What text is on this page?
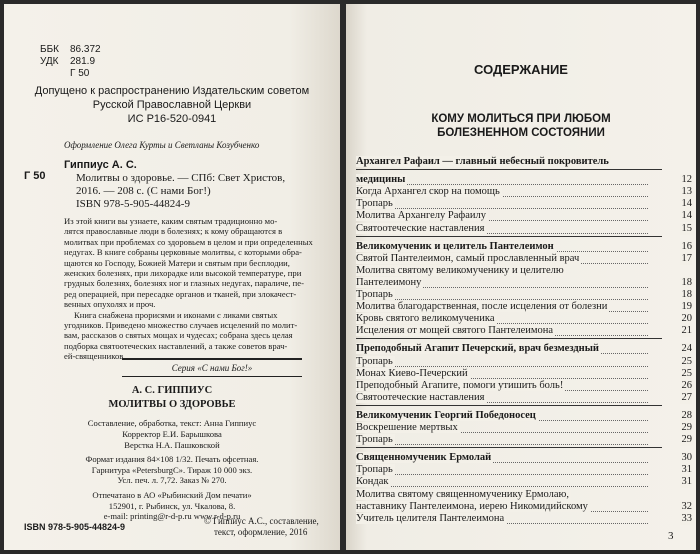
ББК 86.372
УДК 281.9
Г 50
Допущено к распространению Издательским советом
Русской Православной Церкви
ИС Р16-520-0941
Оформление Олега Курты и Светланы Козубченко
Г 50
Гиппиус А. С.
Молитвы о здоровье. — СПб: Свет Христов,
2016. — 208 с. (С нами Бог!)
ISBN 978-5-905-44824-9
Из этой книги вы узнаете, каким святым традиционно мо-
лятся православные люди в болезнях; к кому обращаются в
молитвах при проблемах со здоровьем в целом и при определенных
недугах. В книге собраны церковные молитвы, с которыми обра-
щаются ко Господу, Божией Матери и святым при бесплодии,
женских болезнях, при лихорадке или высокой температуре, при
грудных болезнях, болезнях ног и глазных недугах, параличе, пе-
ред операцией, при пересадке органов и тканей, при злокачест-
венных опухолях и проч.
Книга снабжена прорисями и иконами с ликами святых
угодников. Приведено множество случаев исцелений по молит-
вам, рассказов о святых мощах и чудесах; собрана здесь целая
подборка святоотеческих наставлений, а также советов врач-
ей-священников.
Серия «С нами Бог!»
А. С. ГИППИУС
МОЛИТВЫ О ЗДОРОВЬЕ
Составление, обработка, текст: Анна Гиппиус
Корректор Е.И. Барышкова
Верстка Н.А. Пашковской
Формат издания 84×108 1/32. Печать офсетная.
Гарнитура «PetersburgC». Тираж 10 000 экз.
Усл. печ. л. 7,72. Заказ № 270.
Отпечатано в АО «Рыбинский Дом печати»
152901, г. Рыбинск, ул. Чкалова, 8.
e-mail: printing@r-d-p.ru www.r-d-p.ru
ISBN 978-5-905-44824-9
© Гиппиус А.С., составление,
текст, оформление, 2016
СОДЕРЖАНИЕ
КОМУ МОЛИТЬСЯ ПРИ ЛЮБОМ
БОЛЕЗНЕННОМ СОСТОЯНИИ
Архангел Рафаил — главный небесный покровитель
медицины	12
Когда Архангел скор на помощь	13
Тропарь	14
Молитва Архангелу Рафаилу	14
Святоотеческие наставления	15
Великомученик и целитель Пантелеимон	16
Святой Пантелеимон, самый прославленный врач	17
Молитва святому великомученику и целителю
Пантелеимону	18
Тропарь	18
Молитва благодарственная, после исцеления от болезни	19
Кровь святого великомученика	20
Исцеления от мощей святого Пантелеимона	21
Преподобный Агапит Печерский, врач безмездный	24
Тропарь	25
Монах Киево-Печерский	25
Преподобный Агапите, помоги утишить боль!	26
Святоотеческие наставления	27
Великомученик Георгий Победоносец	28
Воскрешение мертвых	29
Тропарь	29
Священномученик Ермолай	30
Тропарь	31
Кондак	31
Молитва святому священномученику Ермолаю,
наставнику Пантелеимона, иерею Никомидийскому	32
Учитель целителя Пантелеимона	33
3
